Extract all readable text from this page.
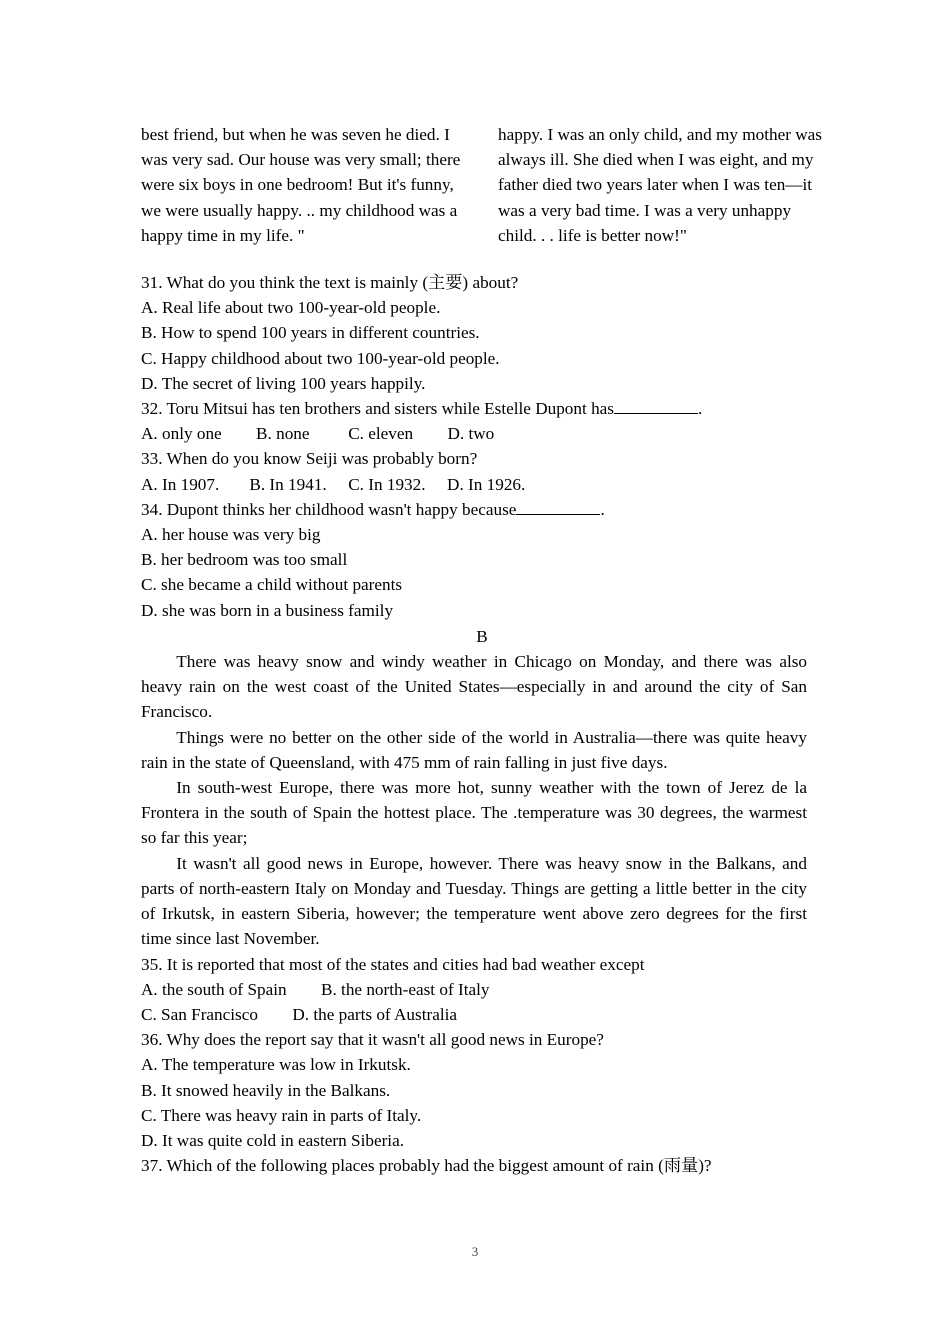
best friend, but when he was seven he died. I was very sad. Our house was very small; there were six boys in one bedroom! But it's funny, we were usually happy. .. my childhood was a happy time in my life. "

happy. I was an only child, and my mother was always ill. She died when I was eight, and my father died two years later when I was ten—it was a very bad time. I was a very unhappy child. . . life is better now!"

31. What do you think the text is mainly (主要) about?
A. Real life about two 100-year-old people.
B. How to spend 100 years in different countries.
C. Happy childhood about two 100-year-old people.
D. The secret of living 100 years happily.
32. Toru Mitsui has ten brothers and sisters while Estelle Dupont has	.
A. only one        B. none         C. eleven        D. two
33. When do you know Seiji was probably born?
A. In 1907.       B. In 1941.     C. In 1932.     D. In 1926.
34. Dupont thinks her childhood wasn't happy because	.
A. her house was very big
B. her bedroom was too small
C. she became a child without parents
D. she was born in a business family
B

There was heavy snow and windy weather in Chicago on Monday, and there was also heavy rain on the west coast of the United States—especially in and around the city of San Francisco.

Things were no better on the other side of the world in Australia—there was quite heavy rain in the state of Queensland, with 475 mm of rain falling in just five days.

In south-west Europe, there was more hot, sunny weather with the town of Jerez de la Frontera in the south of Spain the hottest place. The .temperature was 30 degrees, the warmest so far this year;

It wasn't all good news in Europe, however. There was heavy snow in the Balkans, and parts of north-eastern Italy on Monday and Tuesday. Things are getting a little better in the city of Irkutsk, in eastern Siberia, however; the temperature went above zero degrees for the first time since last November.

35. It is reported that most of the states and cities had bad weather except
A. the south of Spain        B. the north-east of Italy
C. San Francisco        D. the parts of Australia
36. Why does the report say that it wasn't all good news in Europe?
A. The temperature was low in Irkutsk.
B. It snowed heavily in the Balkans.
C. There was heavy rain in parts of Italy.
D. It was quite cold in eastern Siberia.
37. Which of the following places probably had the biggest amount of rain (雨量)?
3
